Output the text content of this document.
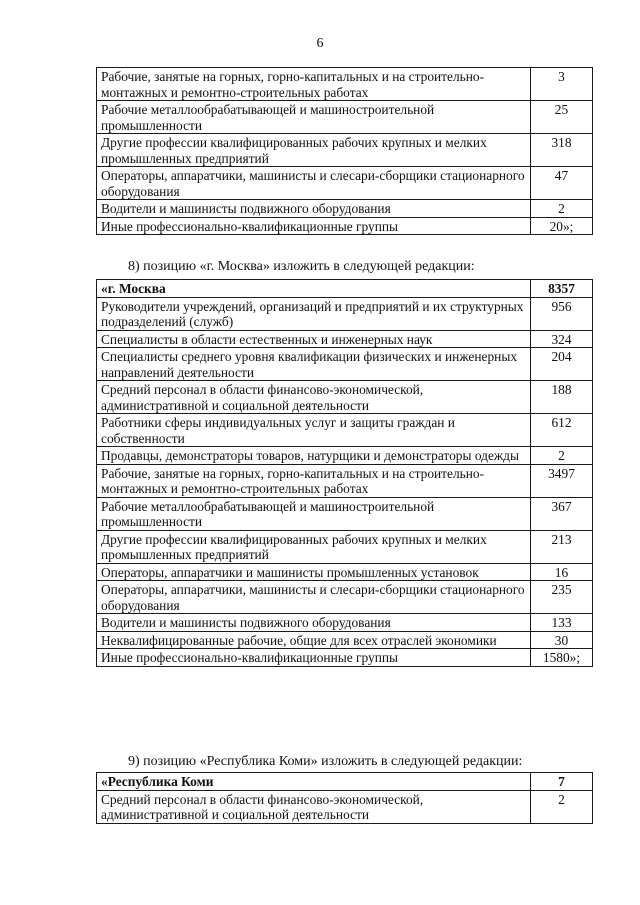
6
Рабочие, занятые на горных, горно-капитальных и на строительно-монтажных и ремонтно-строительных работах	3
Рабочие металлообрабатывающей и машиностроительной промышленности	25
Другие профессии квалифицированных рабочих крупных и мелких промышленных предприятий	318
Операторы, аппаратчики, машинисты и слесари-сборщики стационарного оборудования	47
Водители и машинисты подвижного оборудования	2
Иные профессионально-квалификационные группы	20»;
8) позицию «г. Москва» изложить в следующей редакции:
«г. Москва	8357
Руководители учреждений, организаций и предприятий и их структурных подразделений (служб)	956
Специалисты в области естественных и инженерных наук	324
Специалисты среднего уровня квалификации физических и инженерных направлений деятельности	204
Средний персонал в области финансово-экономической, административной и социальной деятельности	188
Работники сферы индивидуальных услуг и защиты граждан и собственности	612
Продавцы, демонстраторы товаров, натурщики и демонстраторы одежды	2
Рабочие, занятые на горных, горно-капитальных и на строительно-монтажных и ремонтно-строительных работах	3497
Рабочие металлообрабатывающей и машиностроительной промышленности	367
Другие профессии квалифицированных рабочих крупных и мелких промышленных предприятий	213
Операторы, аппаратчики и машинисты промышленных установок	16
Операторы, аппаратчики, машинисты и слесари-сборщики стационарного оборудования	235
Водители и машинисты подвижного оборудования	133
Неквалифицированные рабочие, общие для всех отраслей экономики	30
Иные профессионально-квалификационные группы	1580»;
9) позицию «Республика Коми» изложить в следующей редакции:
«Республика Коми	7
Средний персонал в области финансово-экономической, административной и социальной деятельности	2
